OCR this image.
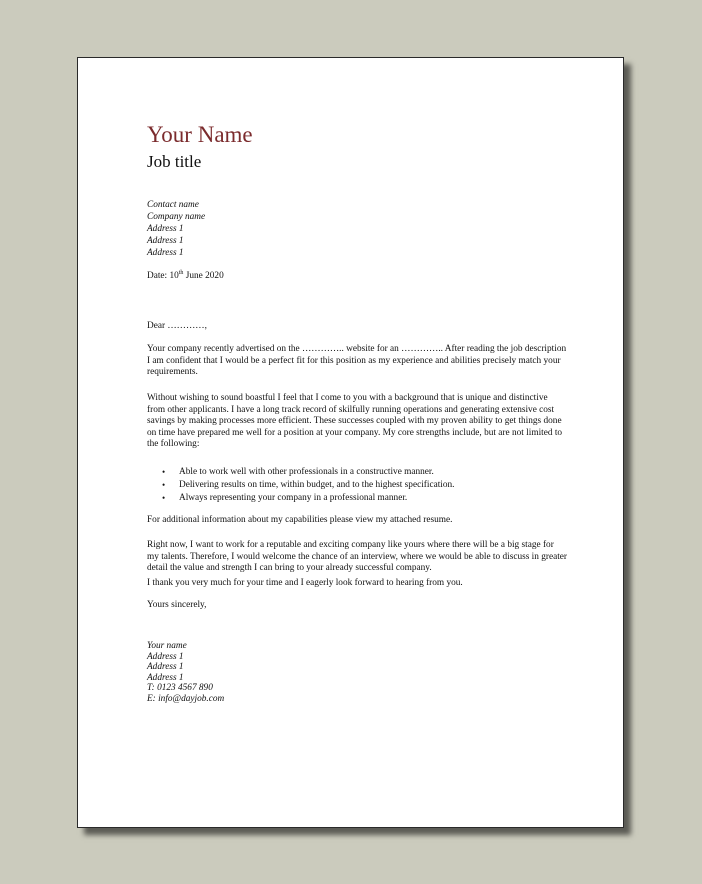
Your Name
Job title
Contact name
Company name
Address 1
Address 1
Address 1
Date: 10th June 2020
Dear …………,

Your company recently advertised on the ………….. website for an ………….. After reading the job description I am confident that I would be a perfect fit for this position as my experience and abilities precisely match your requirements.

Without wishing to sound boastful I feel that I come to you with a background that is unique and distinctive from other applicants. I have a long track record of skilfully running operations and generating extensive cost savings by making processes more efficient. These successes coupled with my proven ability to get things done on time have prepared me well for a position at your company. My core strengths include, but are not limited to the following:

• Able to work well with other professionals in a constructive manner.
• Delivering results on time, within budget, and to the highest specification.
• Always representing your company in a professional manner.

For additional information about my capabilities please view my attached resume.

Right now, I want to work for a reputable and exciting company like yours where there will be a big stage for my talents. Therefore, I would welcome the chance of an interview, where we would be able to discuss in greater detail the value and strength I can bring to your already successful company.

I thank you very much for your time and I eagerly look forward to hearing from you.

Yours sincerely,
Your name
Address 1
Address 1
Address 1
T: 0123 4567 890
E: info@dayjob.com
